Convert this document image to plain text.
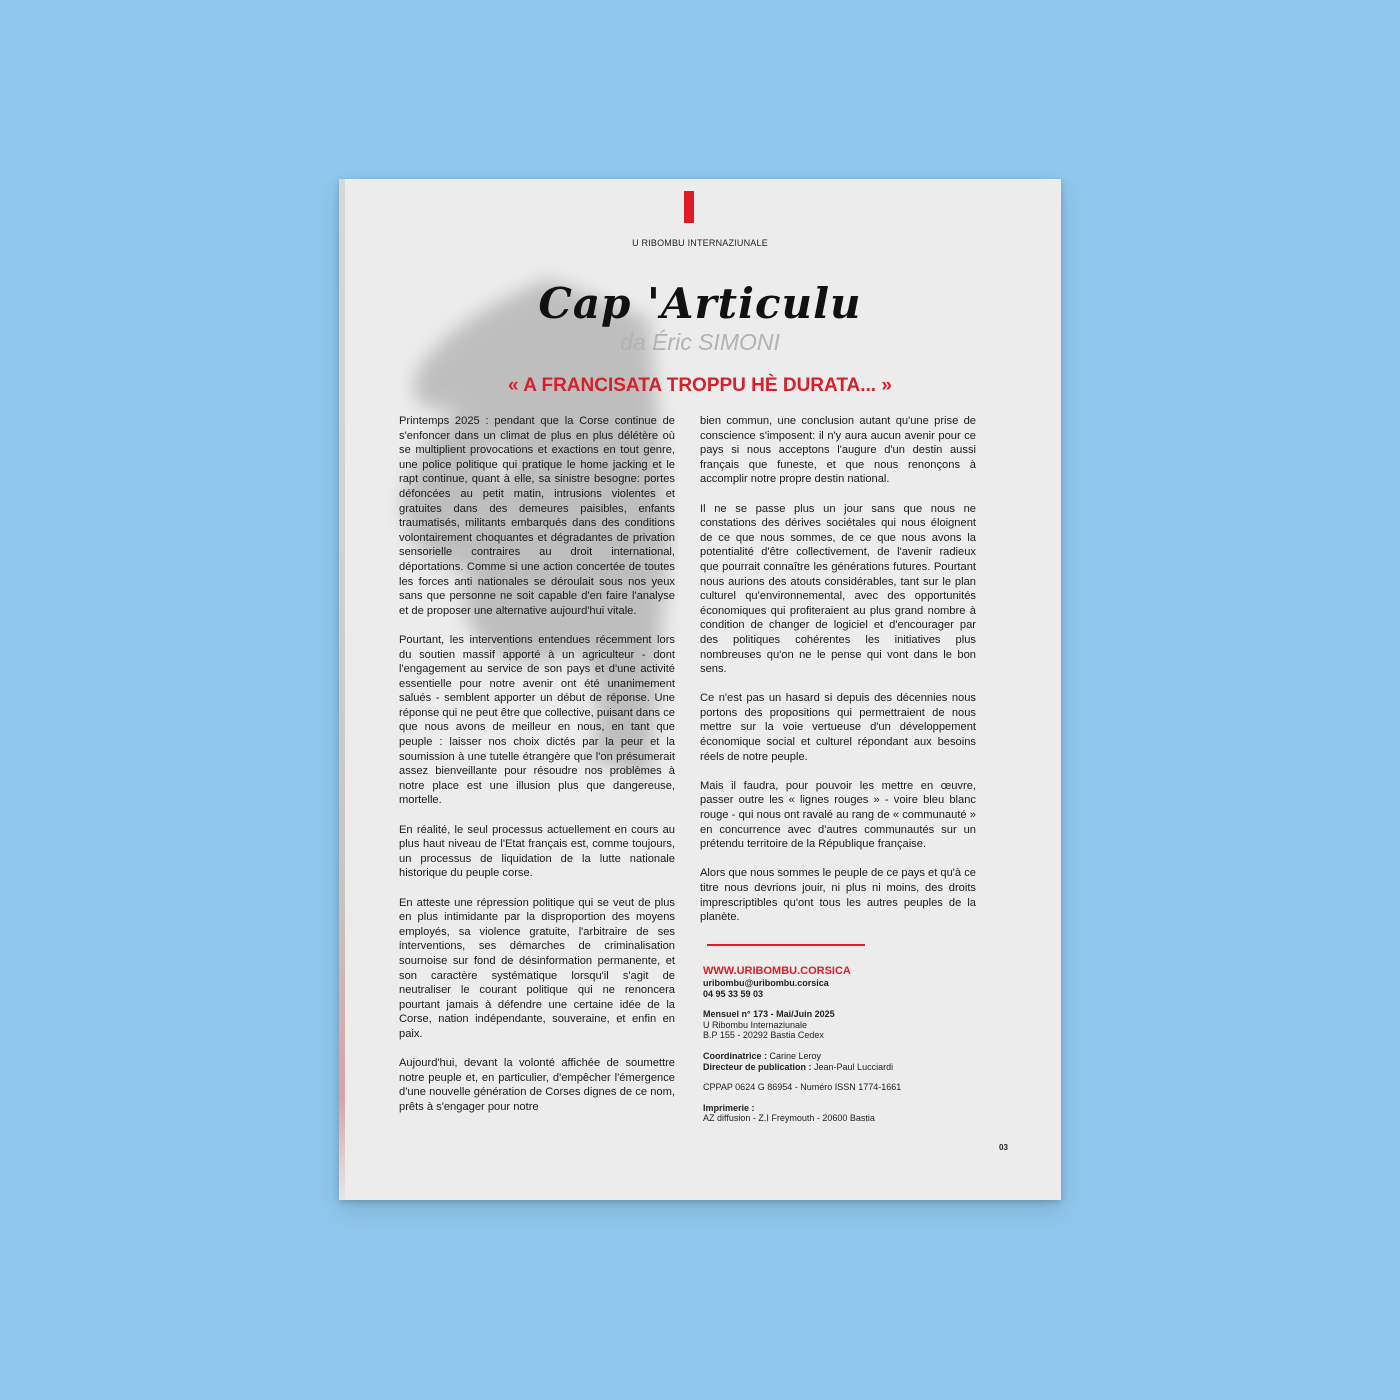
U RIBOMBU INTERNAZIUNALE
Cap 'Articulu
da Éric SIMONI
« A FRANCISATA TROPPU HÈ DURATA... »

Printemps 2025 : pendant que la Corse continue de s'enfoncer dans un climat de plus en plus délétère où se multiplient provocations et exactions en tout genre, une police politique qui pratique le home jacking et le rapt continue, quant à elle, sa sinistre besogne: portes défoncées au petit matin, intrusions violentes et gratuites dans des demeures paisibles, enfants traumatisés, militants embarqués dans des conditions volontairement choquantes et dégradantes de privation sensorielle contraires au droit international, déportations. Comme si une action concertée de toutes les forces anti nationales se déroulait sous nos yeux sans que personne ne soit capable d'en faire l'analyse et de proposer une alternative aujourd'hui vitale.

Pourtant, les interventions entendues récemment lors du soutien massif apporté à un agriculteur - dont l'engagement au service de son pays et d'une activité essentielle pour notre avenir ont été unanimement salués - semblent apporter un début de réponse. Une réponse qui ne peut être que collective, puisant dans ce que nous avons de meilleur en nous, en tant que peuple : laisser nos choix dictés par la peur et la soumission à une tutelle étrangère que l'on présumerait assez bienveillante pour résoudre nos problèmes à notre place est une illusion plus que dangereuse, mortelle.

En réalité, le seul processus actuellement en cours au plus haut niveau de l'Etat français est, comme toujours, un processus de liquidation de la lutte nationale historique du peuple corse.

En atteste une répression politique qui se veut de plus en plus intimidante par la disproportion des moyens employés, sa violence gratuite, l'arbitraire de ses interventions, ses démarches de criminalisation sournoise sur fond de désinformation permanente, et son caractère systématique lorsqu'il s'agit de neutraliser le courant politique qui ne renoncera pourtant jamais à défendre une certaine idée de la Corse, nation indépendante, souveraine, et enfin en paix.

Aujourd'hui, devant la volonté affichée de soumettre notre peuple et, en particulier, d'empêcher l'émergence d'une nouvelle génération de Corses dignes de ce nom, prêts à s'engager pour notre

bien commun, une conclusion autant qu'une prise de conscience s'imposent: il n'y aura aucun avenir pour ce pays si nous acceptons l'augure d'un destin aussi français que funeste, et que nous renonçons à accomplir notre propre destin national.

Il ne se passe plus un jour sans que nous ne constations des dérives sociétales qui nous éloignent de ce que nous sommes, de ce que nous avons la potentialité d'être collectivement, de l'avenir radieux que pourrait connaître les générations futures. Pourtant nous aurions des atouts considérables, tant sur le plan culturel qu'environnemental, avec des opportunités économiques qui profiteraient au plus grand nombre à condition de changer de logiciel et d'encourager par des politiques cohérentes les initiatives plus nombreuses qu'on ne le pense qui vont dans le bon sens.

Ce n'est pas un hasard si depuis des décennies nous portons des propositions qui permettraient de nous mettre sur la voie vertueuse d'un développement économique social et culturel répondant aux besoins réels de notre peuple.

Mais il faudra, pour pouvoir les mettre en œuvre, passer outre les « lignes rouges » - voire bleu blanc rouge - qui nous ont ravalé au rang de « communauté » en concurrence avec d'autres communautés sur un prétendu territoire de la République française.

Alors que nous sommes le peuple de ce pays et qu'à ce titre nous devrions jouir, ni plus ni moins, des droits imprescriptibles qu'ont tous les autres peuples de la planète.

WWW.URIBOMBU.CORSICA
uribombu@uribombu.corsica
04 95 33 59 03
Mensuel n° 173 - Mai/Juin 2025
U Ribombu Internaziunale
B.P 155 - 20292 Bastia Cedex
Coordinatrice : Carine Leroy
Directeur de publication : Jean-Paul Lucciardi
CPPAP 0624 G 86954 - Numéro ISSN 1774-1661
Imprimerie :
AZ diffusion - Z.I Freymouth - 20600 Bastia
03
